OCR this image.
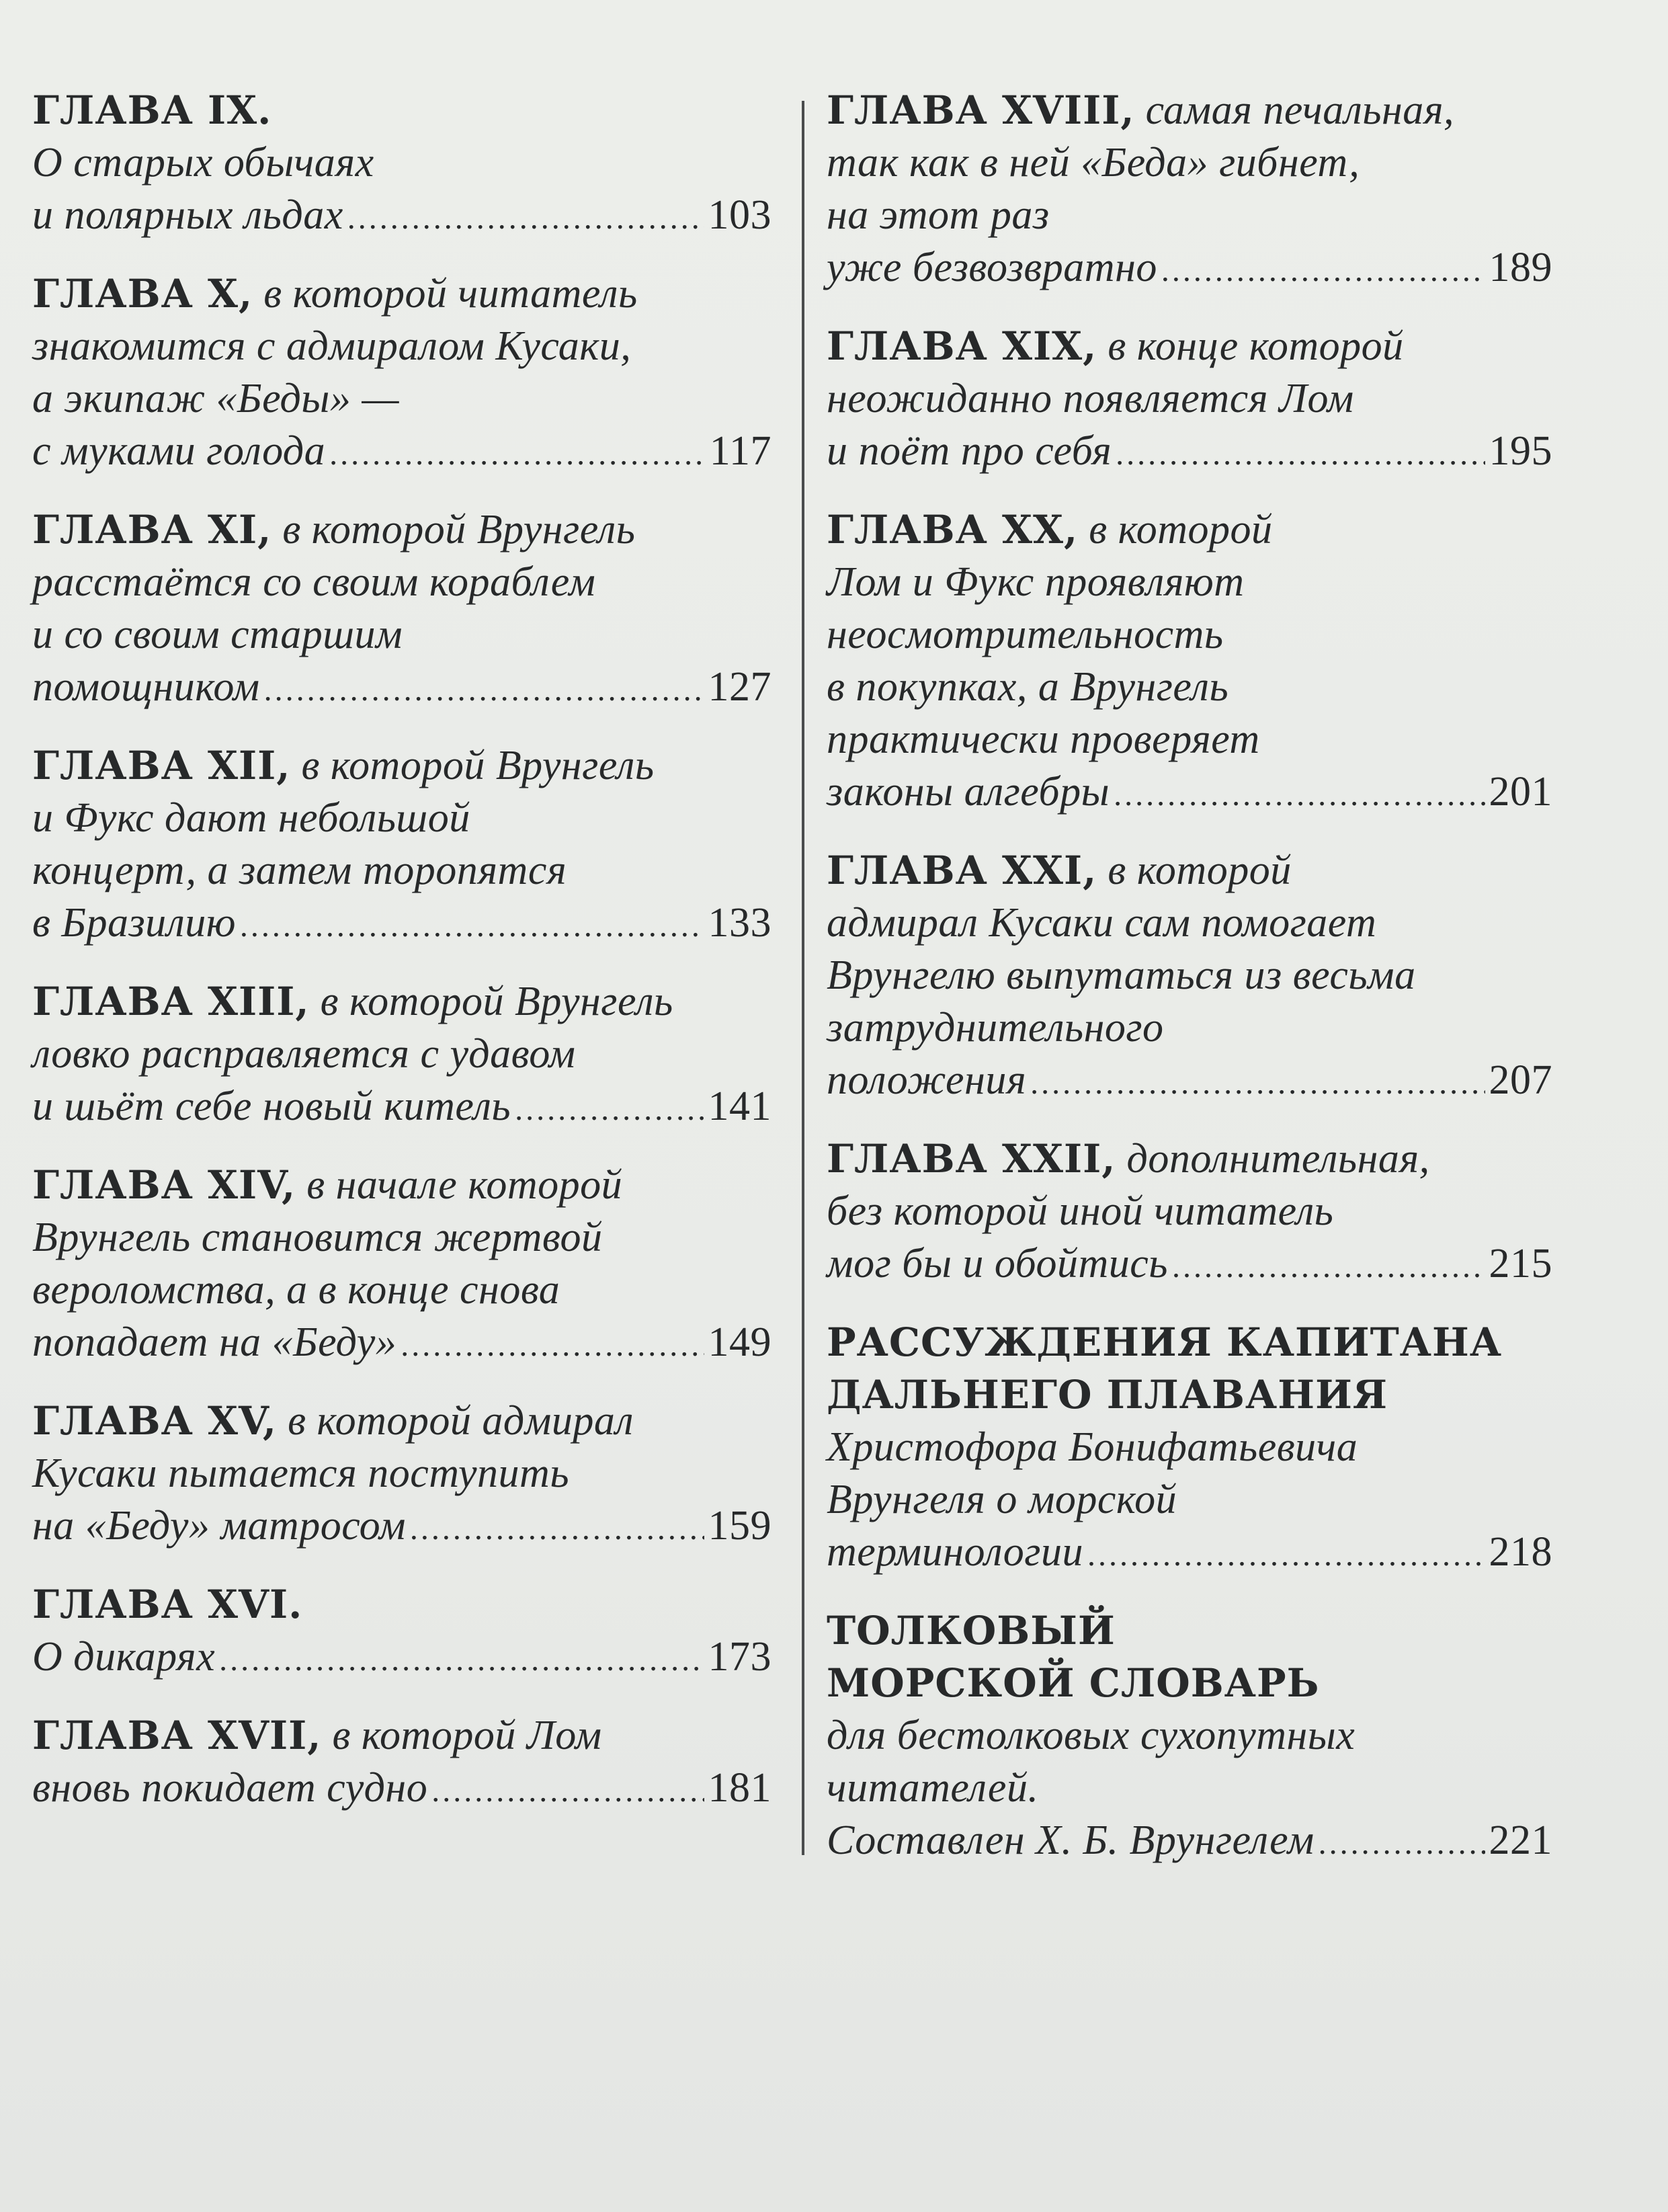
ГЛАВА IX.
О старых обычаях
и полярных льдах .....	103
ГЛАВА X, в которой читатель
знакомится с адмиралом Кусаки,
а экипаж «Беды» —
с муками голода .....	117
ГЛАВА XI, в которой Врунгель
расстаётся со своим кораблем
и со своим старшим
помощником .....	127
ГЛАВА XII, в которой Врунгель
и Фукс дают небольшой
концерт, а затем торопятся
в Бразилию .....	133
ГЛАВА XIII, в которой Врунгель
ловко расправляется с удавом
и шьёт себе новый китель .....	141
ГЛАВА XIV, в начале которой
Врунгель становится жертвой
вероломства, а в конце снова
попадает на «Беду» .....	149
ГЛАВА XV, в которой адмирал
Кусаки пытается поступить
на «Беду» матросом .....	159
ГЛАВА XVI.
О дикарях .....	173
ГЛАВА XVII, в которой Лом
вновь покидает судно .....	181
ГЛАВА XVIII, самая печальная,
так как в ней «Беда» гибнет,
на этот раз
уже безвозвратно .....	189
ГЛАВА XIX, в конце которой
неожиданно появляется Лом
и поёт про себя .....	195
ГЛАВА XX, в которой
Лом и Фукс проявляют
неосмотрительность
в покупках, а Врунгель
практически проверяет
законы алгебры .....	201
ГЛАВА XXI, в которой
адмирал Кусаки сам помогает
Врунгелю выпутаться из весьма
затруднительного
положения .....	207
ГЛАВА XXII, дополнительная,
без которой иной читатель
мог бы и обойтись .....	215
РАССУЖДЕНИЯ КАПИТАНА
ДАЛЬНЕГО ПЛАВАНИЯ
Христофора Бонифатьевича
Врунгеля о морской
терминологии .....	218
ТОЛКОВЫЙ
МОРСКОЙ СЛОВАРЬ
для бестолковых сухопутных
читателей.
Составлен Х. Б. Врунгелем .....	221
